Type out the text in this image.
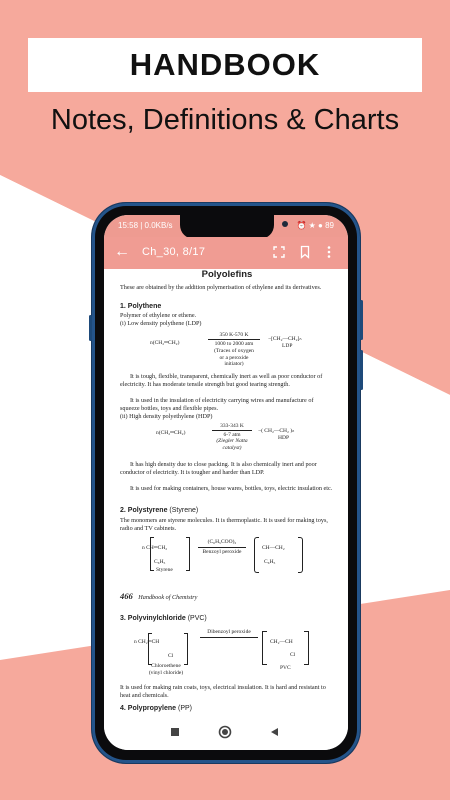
HANDBOOK
Notes, Definitions & Charts
15:58 | 0.0KB/s	⏰ ★ ● 89
← Ch_30, 8/17
Polyolefins
These are obtained by the addition polymerisation of ethylene and its derivatives.
1. Polythene
Polymer of ethylene or ethene.
(i) Low density polythene (LDP)
n(CH₂═CH₂)
350 K-570 K
1000 to 2000 atm
(Traces of oxygen or a peroxide initiator)
−[CH₂—CH₂]ₙ
LDP
It is tough, flexible, transparent, chemically inert as well as poor conductor of electricity. It has moderate tensile strength but good tearing strength.
It is used in the insulation of electricity carrying wires and manufacture of squeeze bottles, toys and flexible pipes.
(ii) High density polyethylene (HDP)
n(CH₂═CH₂)
333-343 K
6-7 atm
(Ziegler Natta catalyst)
−( CH₂—CH₂ )ₙ
HDP
It has high density due to close packing. It is also chemically inert and poor conductor of electricity. It is tougher and harder than LDP.
It is used for making containers, house wares, bottles, toys, electric insulation etc.
2. Polystyrene (Styrene)
The monomers are styrene molecules. It is thermoplastic. It is used for making toys, radio and TV cabinets.
n CH═CH₂
C₆H₅
Styrene
(C₆H₅COO)₂
Benzoyl peroxide
CH—CH₂
C₆H₅
466 Handbook of Chemistry
3. Polyvinylchloride (PVC)
n CH₂═CH
Cl
Chloroethene (vinyl chloride)
Dibenzoyl peroxide
CH₂—CH
Cl
PVC
It is used for making rain coats, toys, electrical insulation. It is hard and resistant to heat and chemicals.
4. Polypropylene (PP)
